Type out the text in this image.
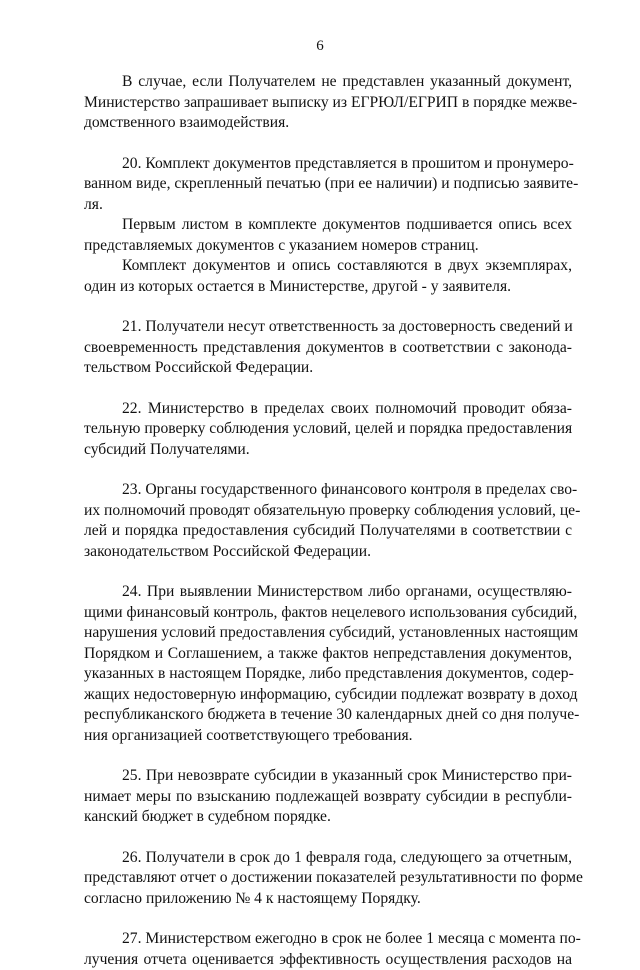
6

В случае, если Получателем не представлен указанный документ,
Министерство запрашивает выписку из ЕГРЮЛ/ЕГРИП в порядке межве-
домственного взаимодействия.

20. Комплект документов представляется в прошитом и пронумеро-
ванном виде, скрепленный печатью (при ее наличии) и подписью заявите-
ля.

Первым листом в комплекте документов подшивается опись всех
представляемых документов с указанием номеров страниц.

Комплект документов и опись составляются в двух экземплярах,
один из которых остается в Министерстве, другой - у заявителя.

21. Получатели несут ответственность за достоверность сведений и
своевременность представления документов в соответствии с законода-
тельством Российской Федерации.

22. Министерство в пределах своих полномочий проводит обяза-
тельную проверку соблюдения условий, целей и порядка предоставления
субсидий Получателями.

23. Органы государственного финансового контроля в пределах сво-
их полномочий проводят обязательную проверку соблюдения условий, це-
лей и порядка предоставления субсидий Получателями в соответствии с
законодательством Российской Федерации.

24. При выявлении Министерством либо органами, осуществляю-
щими финансовый контроль, фактов нецелевого использования субсидий,
нарушения условий предоставления субсидий, установленных настоящим
Порядком и Соглашением, а также фактов непредставления документов,
указанных в настоящем Порядке, либо представления документов, содер-
жащих недостоверную информацию, субсидии подлежат возврату в доход
республиканского бюджета в течение 30 календарных дней со дня получе-
ния организацией соответствующего требования.

25. При невозврате субсидии в указанный срок Министерство при-
нимает меры по взысканию подлежащей возврату субсидии в республи-
канский бюджет в судебном порядке.

26. Получатели в срок до 1 февраля года, следующего за отчетным,
представляют отчет о достижении показателей результативности по форме
согласно приложению № 4 к настоящему Порядку.

27. Министерством ежегодно в срок не более 1 месяца с момента по-
лучения отчета оценивается эффективность осуществления расходов на
